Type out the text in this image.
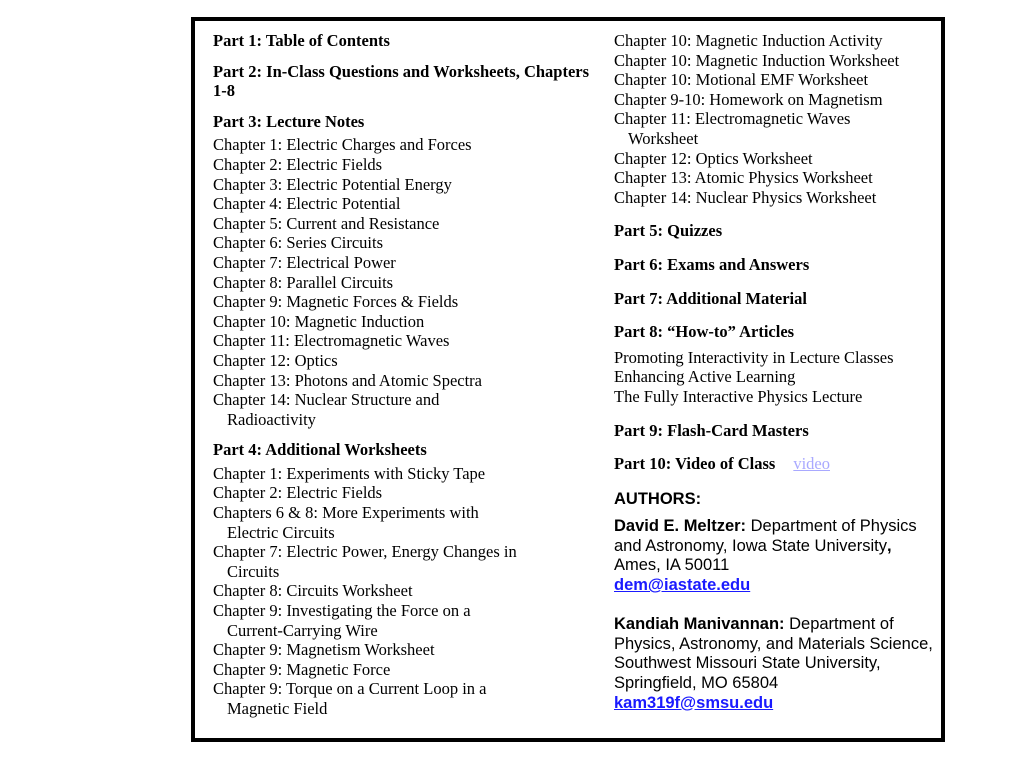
Part 1: Table of Contents

Part 2: In-Class Questions and Worksheets, Chapters 1-8

Part 3: Lecture Notes

Chapter 1: Electric Charges and Forces

Chapter 2: Electric Fields

Chapter 3: Electric Potential Energy

Chapter 4: Electric Potential

Chapter 5: Current and Resistance

Chapter 6: Series Circuits

Chapter 7: Electrical Power

Chapter 8: Parallel Circuits

Chapter 9: Magnetic Forces & Fields

Chapter 10: Magnetic Induction

Chapter 11: Electromagnetic Waves

Chapter 12: Optics

Chapter 13: Photons and Atomic Spectra

Chapter 14: Nuclear Structure and Radioactivity

Part 4: Additional Worksheets

Chapter 1: Experiments with Sticky Tape

Chapter 2: Electric Fields

Chapters 6 & 8: More Experiments with Electric Circuits

Chapter 7: Electric Power, Energy Changes in Circuits

Chapter 8: Circuits Worksheet

Chapter 9: Investigating the Force on a Current-Carrying Wire

Chapter 9: Magnetism Worksheet

Chapter 9: Magnetic Force

Chapter 9: Torque on a Current Loop in a Magnetic Field

Chapter 10: Magnetic Induction Activity

Chapter 10: Magnetic Induction Worksheet

Chapter 10: Motional EMF Worksheet

Chapter 9-10: Homework on Magnetism

Chapter 11: Electromagnetic Waves Worksheet

Chapter 12: Optics Worksheet

Chapter 13: Atomic Physics Worksheet

Chapter 14: Nuclear Physics Worksheet

Part 5: Quizzes

Part 6: Exams and Answers

Part 7: Additional Material

Part 8: “How-to” Articles

Promoting Interactivity in Lecture Classes

Enhancing Active Learning

The Fully Interactive Physics Lecture

Part 9: Flash-Card Masters

Part 10: Video of Class video

AUTHORS:

David E. Meltzer: Department of Physics and Astronomy, Iowa State University, Ames, IA 50011

dem@iastate.edu

Kandiah Manivannan: Department of Physics, Astronomy, and Materials Science, Southwest Missouri State University, Springfield, MO 65804

kam319f@smsu.edu
